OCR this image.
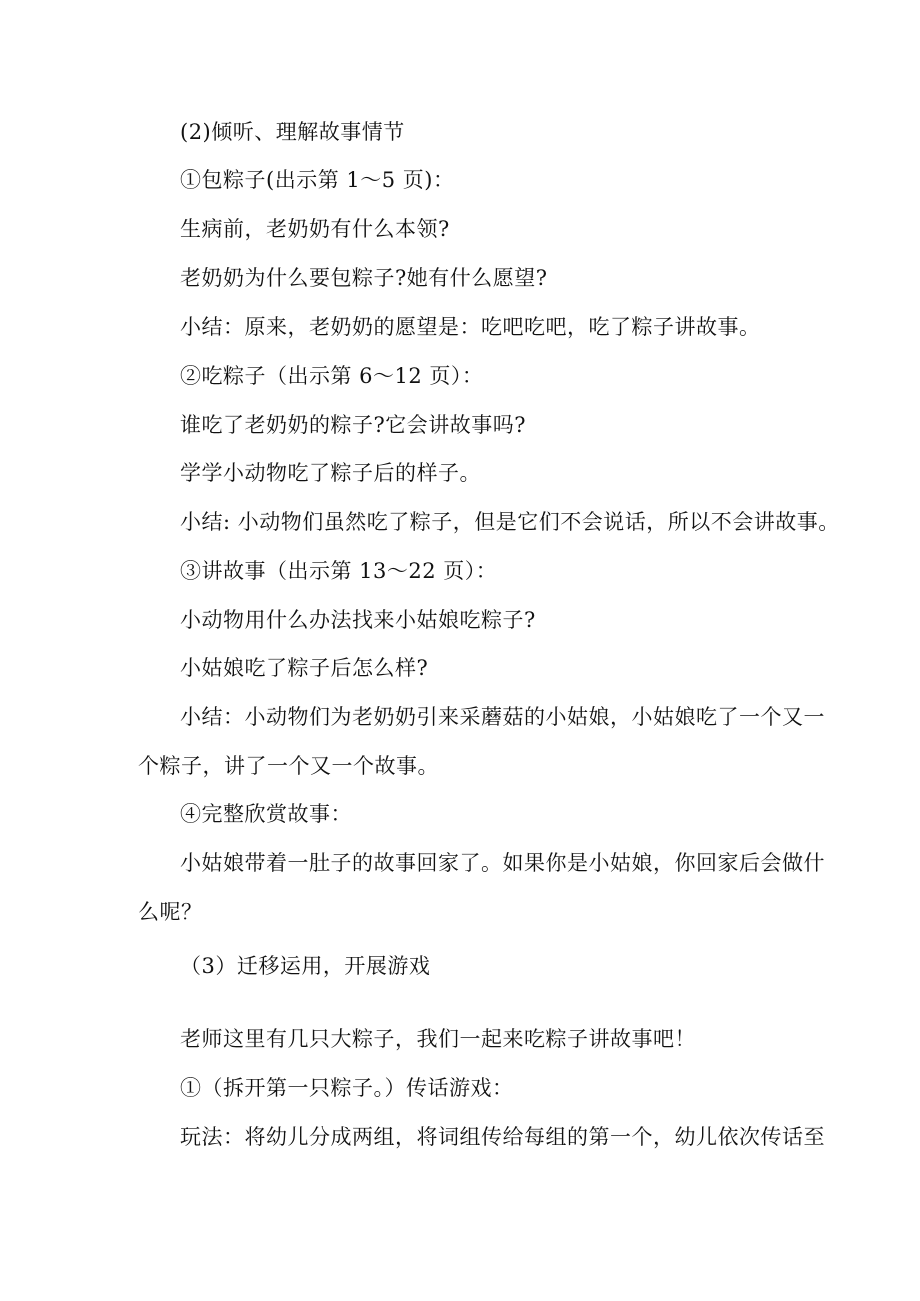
(2)倾听、理解故事情节
①包粽子(出示第 1～5 页)：
生病前，老奶奶有什么本领?
老奶奶为什么要包粽子?她有什么愿望?
小结：原来，老奶奶的愿望是：吃吧吃吧，吃了粽子讲故事。
②吃粽子（出示第 6～12 页）：
谁吃了老奶奶的粽子?它会讲故事吗?
学学小动物吃了粽子后的样子。
小结: 小动物们虽然吃了粽子，但是它们不会说话，所以不会讲故事。
③讲故事（出示第 13～22 页）：
小动物用什么办法找来小姑娘吃粽子?
小姑娘吃了粽子后怎么样?
小结：小动物们为老奶奶引来采蘑菇的小姑娘，小姑娘吃了一个又一
个粽子，讲了一个又一个故事。
④完整欣赏故事：
小姑娘带着一肚子的故事回家了。如果你是小姑娘，你回家后会做什
么呢？
（3）迁移运用，开展游戏
老师这里有几只大粽子，我们一起来吃粽子讲故事吧！
①（拆开第一只粽子。）传话游戏：
玩法：将幼儿分成两组，将词组传给每组的第一个，幼儿依次传话至
